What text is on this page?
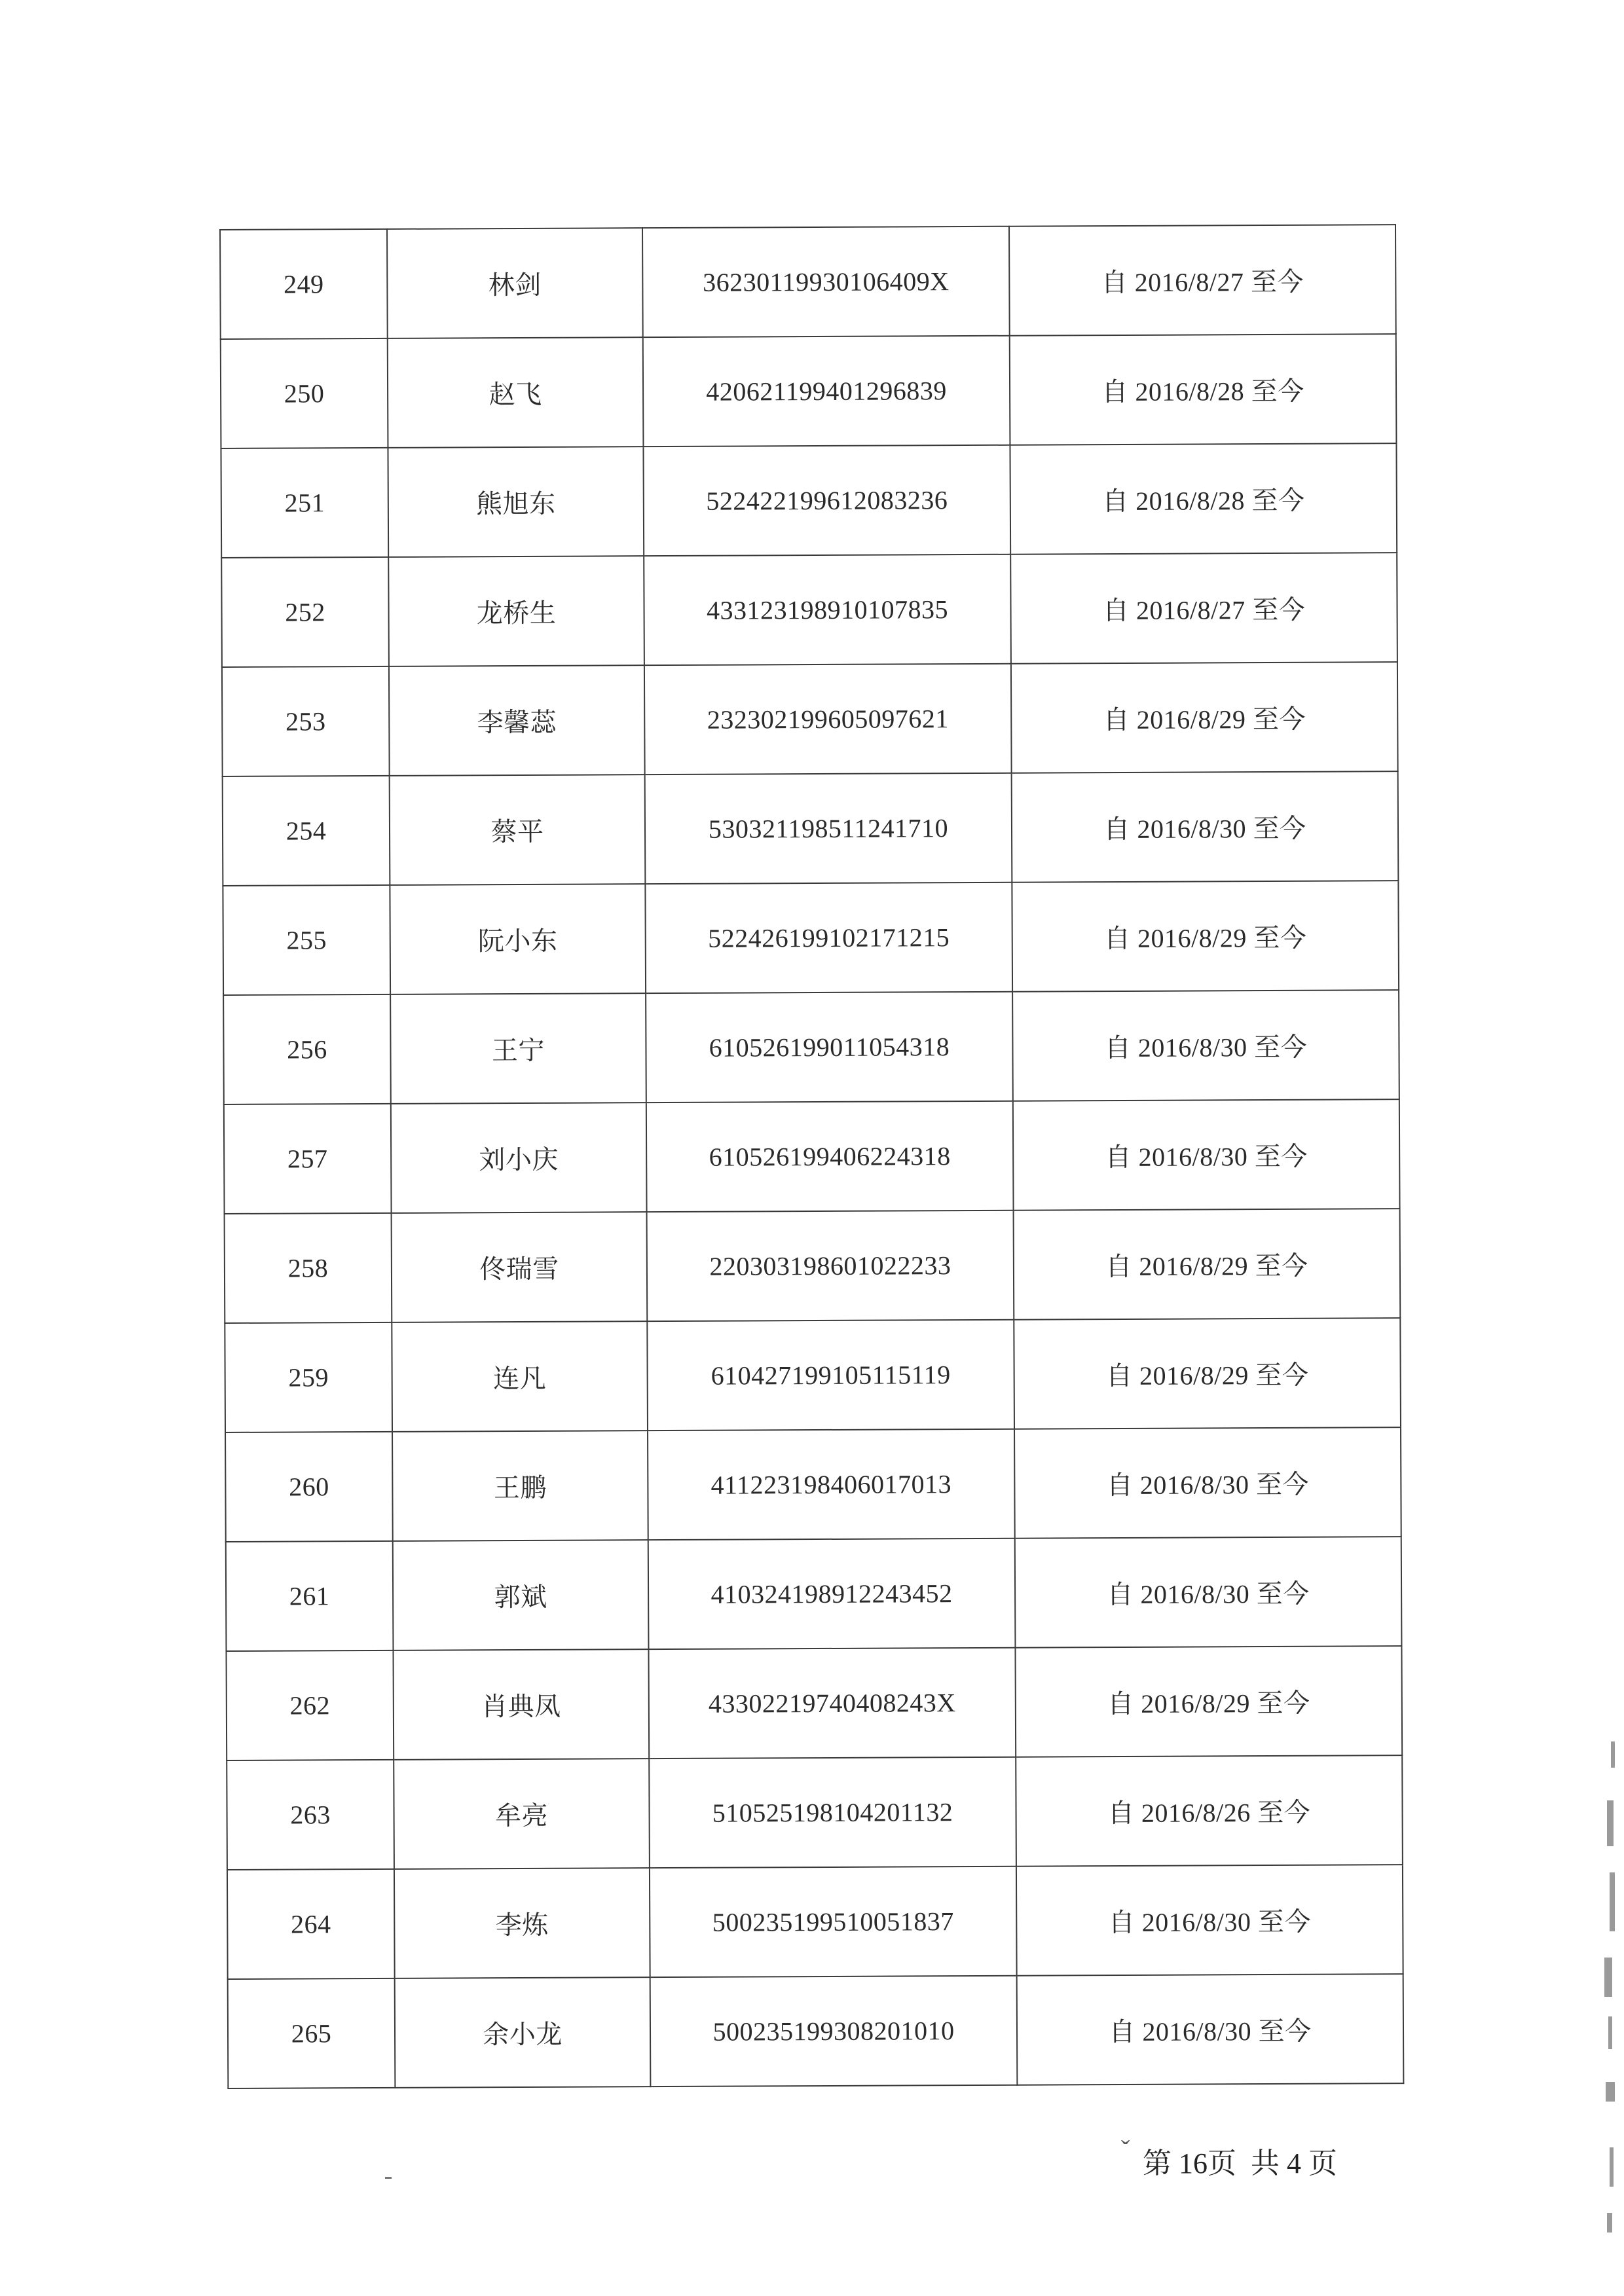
249	林剑	36230119930106409X	自 2016/8/27 至今
250	赵飞	420621199401296839	自 2016/8/28 至今
251	熊旭东	522422199612083236	自 2016/8/28 至今
252	龙桥生	433123198910107835	自 2016/8/27 至今
253	李馨蕊	232302199605097621	自 2016/8/29 至今
254	蔡平	530321198511241710	自 2016/8/30 至今
255	阮小东	522426199102171215	自 2016/8/29 至今
256	王宁	610526199011054318	自 2016/8/30 至今
257	刘小庆	610526199406224318	自 2016/8/30 至今
258	佟瑞雪	220303198601022233	自 2016/8/29 至今
259	连凡	610427199105115119	自 2016/8/29 至今
260	王鹏	411223198406017013	自 2016/8/30 至今
261	郭斌	410324198912243452	自 2016/8/30 至今
262	肖典凤	43302219740408243X	自 2016/8/29 至今
263	牟亮	510525198104201132	自 2016/8/26 至今
264	李炼	500235199510051837	自 2016/8/30 至今
265	余小龙	500235199308201010	自 2016/8/30 至今
ˇ 第 16页  共 4 页
